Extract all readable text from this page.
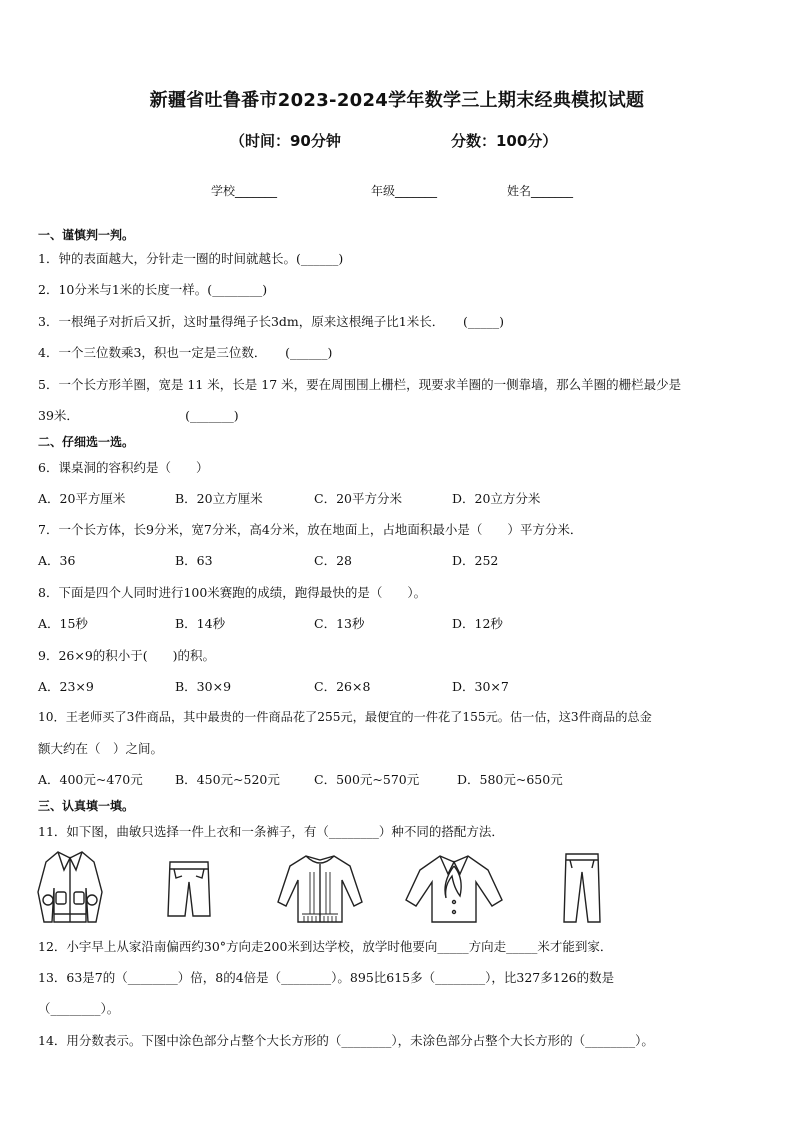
新疆省吐鲁番市2023-2024学年数学三上期末经典模拟试题
（时间：90分钟	分数：100分）
学校_______	年级_______	姓名_______
一、谨慎判一判。
1．钟的表面越大，分针走一圈的时间就越长。(______)
2．10分米与1米的长度一样。(________)
3．一根绳子对折后又折，这时量得绳子长3dm，原来这根绳子比1米长．　　(_____)
4．一个三位数乘3，积也一定是三位数．　　(______)
5．一个长方形羊圈，宽是 11 米，长是 17 米，要在周围围上栅栏，现要求羊圈的一侧靠墙，那么羊圈的栅栏最少是
39米．　　　　　　　　　(_______)
二、仔细选一选。
6．课桌洞的容积约是（　　）
A．20平方厘米	B．20立方厘米	C．20平方分米	D．20立方分米
7．一个长方体，长9分米，宽7分米，高4分米，放在地面上，占地面积最小是（　　）平方分米．
A．36	B．63	C．28	D．252
8．下面是四个人同时进行100米赛跑的成绩，跑得最快的是（　　）。
A．15秒	B．14秒	C．13秒	D．12秒
9．26×9的积小于(　　)的积。
A．23×9	B．30×9	C．26×8	D．30×7
10．王老师买了3件商品，其中最贵的一件商品花了255元，最便宜的一件花了155元。估一估，这3件商品的总金
额大约在（　）之间。
A．400元~470元	B．450元~520元	C．500元~570元	D．580元~650元
三、认真填一填。
11．如下图，曲敏只选择一件上衣和一条裤子，有（________）种不同的搭配方法．
12．小宇早上从家沿南偏西约30°方向走200米到达学校，放学时他要向_____方向走_____米才能到家．
13．63是7的（________）倍，8的4倍是（________）。895比615多（________），比327多126的数是
（________）。
14．用分数表示。下图中涂色部分占整个大长方形的（________），未涂色部分占整个大长方形的（________）。
